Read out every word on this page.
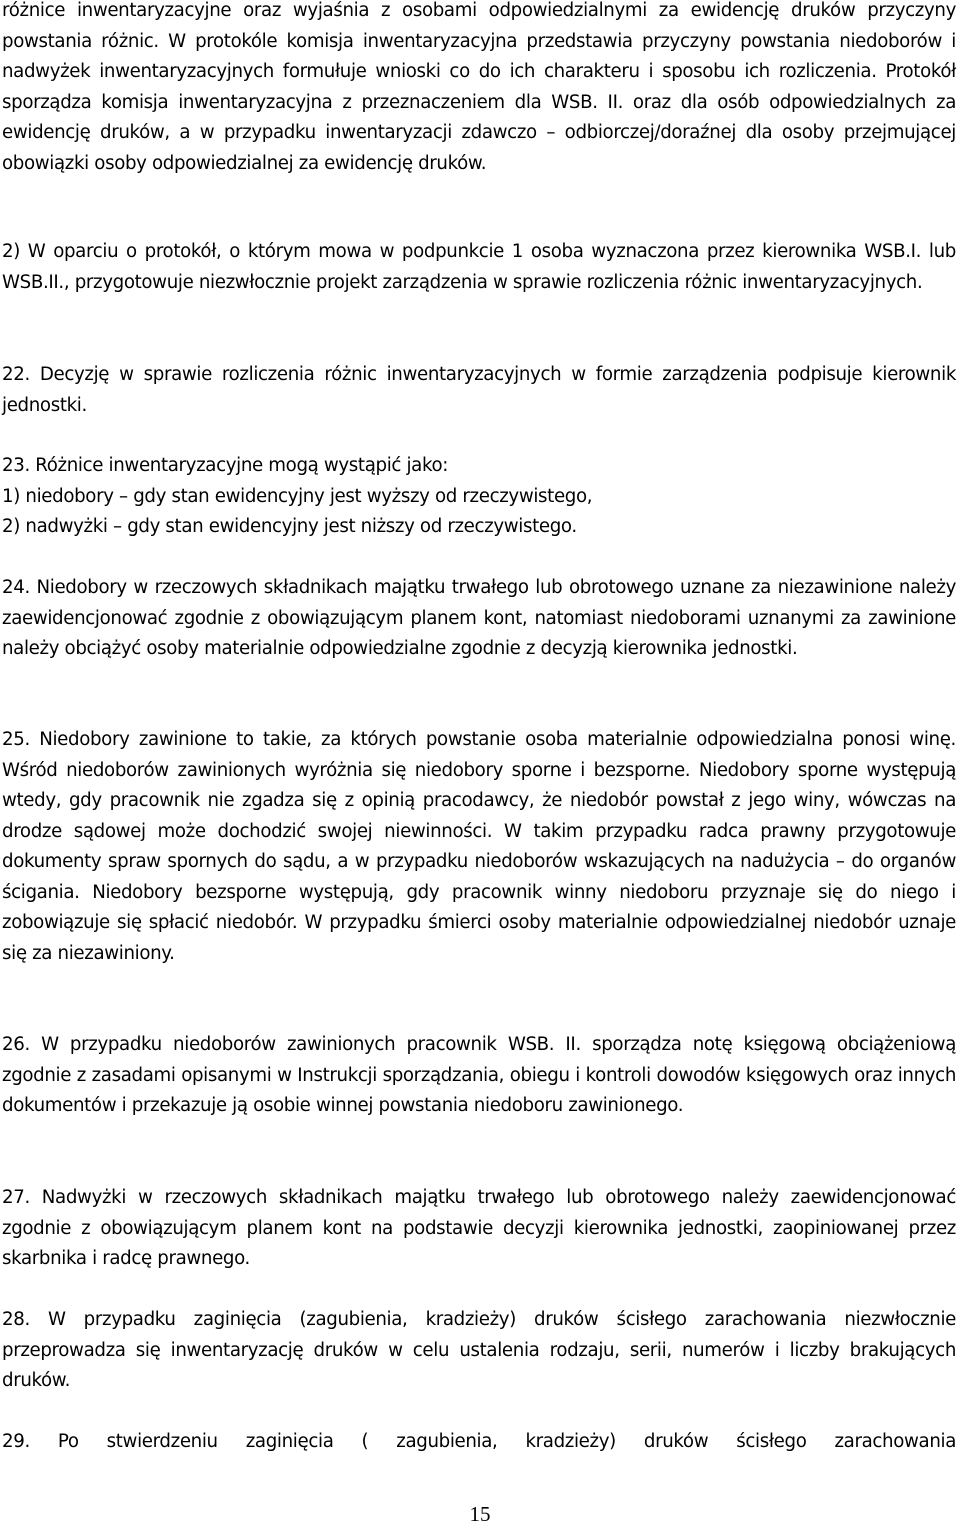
różnice inwentaryzacyjne oraz wyjaśnia z osobami odpowiedzialnymi za ewidencję druków przyczyny powstania różnic. W protokóle komisja inwentaryzacyjna przedstawia przyczyny powstania niedoborów i nadwyżek inwentaryzacyjnych formułuje wnioski co do ich charakteru i sposobu ich rozliczenia. Protokół sporządza komisja inwentaryzacyjna z przeznaczeniem dla WSB. II. oraz dla osób odpowiedzialnych za ewidencję druków, a w przypadku inwentaryzacji zdawczo – odbiorczej/doraźnej dla osoby przejmującej obowiązki osoby odpowiedzialnej za ewidencję druków.

2) W oparciu o protokół, o którym mowa w podpunkcie 1 osoba wyznaczona przez kierownika WSB.I. lub WSB.II., przygotowuje niezwłocznie projekt zarządzenia w sprawie rozliczenia różnic inwentaryzacyjnych.

22. Decyzję w sprawie rozliczenia różnic inwentaryzacyjnych w formie zarządzenia podpisuje kierownik jednostki.

23. Różnice inwentaryzacyjne mogą wystąpić jako:
1) niedobory – gdy stan ewidencyjny jest wyższy od rzeczywistego,
2) nadwyżki – gdy stan ewidencyjny jest niższy od rzeczywistego.

24. Niedobory w rzeczowych składnikach majątku trwałego lub obrotowego uznane za niezawinione należy zaewidencjonować zgodnie z obowiązującym planem kont, natomiast niedoborami uznanymi za zawinione należy obciążyć osoby materialnie odpowiedzialne zgodnie z decyzją kierownika jednostki.

25. Niedobory zawinione to takie, za których powstanie osoba materialnie odpowiedzialna ponosi winę. Wśród niedoborów zawinionych wyróżnia się niedobory sporne i bezsporne. Niedobory sporne występują wtedy, gdy pracownik nie zgadza się z opinią pracodawcy, że niedobór powstał z jego winy, wówczas na drodze sądowej może dochodzić swojej niewinności. W takim przypadku radca prawny przygotowuje dokumenty spraw spornych do sądu, a w przypadku niedoborów wskazujących na nadużycia – do organów ścigania. Niedobory bezsporne występują, gdy pracownik winny niedoboru przyznaje się do niego i zobowiązuje się spłacić niedobór. W przypadku śmierci osoby materialnie odpowiedzialnej niedobór uznaje się za niezawiniony.

26. W przypadku niedoborów zawinionych pracownik WSB. II. sporządza notę księgową obciążeniową zgodnie z zasadami opisanymi w Instrukcji sporządzania, obiegu i kontroli dowodów księgowych oraz innych dokumentów i przekazuje ją osobie winnej powstania niedoboru zawinionego.

27. Nadwyżki w rzeczowych składnikach majątku trwałego lub obrotowego należy zaewidencjonować zgodnie z obowiązującym planem kont na podstawie decyzji kierownika jednostki, zaopiniowanej przez skarbnika i radcę prawnego.

28. W przypadku zaginięcia (zagubienia, kradzieży) druków ścisłego zarachowania niezwłocznie przeprowadza się inwentaryzację druków w celu ustalenia rodzaju, serii, numerów i liczby brakujących druków.

29. Po stwierdzeniu zaginięcia ( zagubienia, kradzieży) druków ścisłego zarachowania

15
